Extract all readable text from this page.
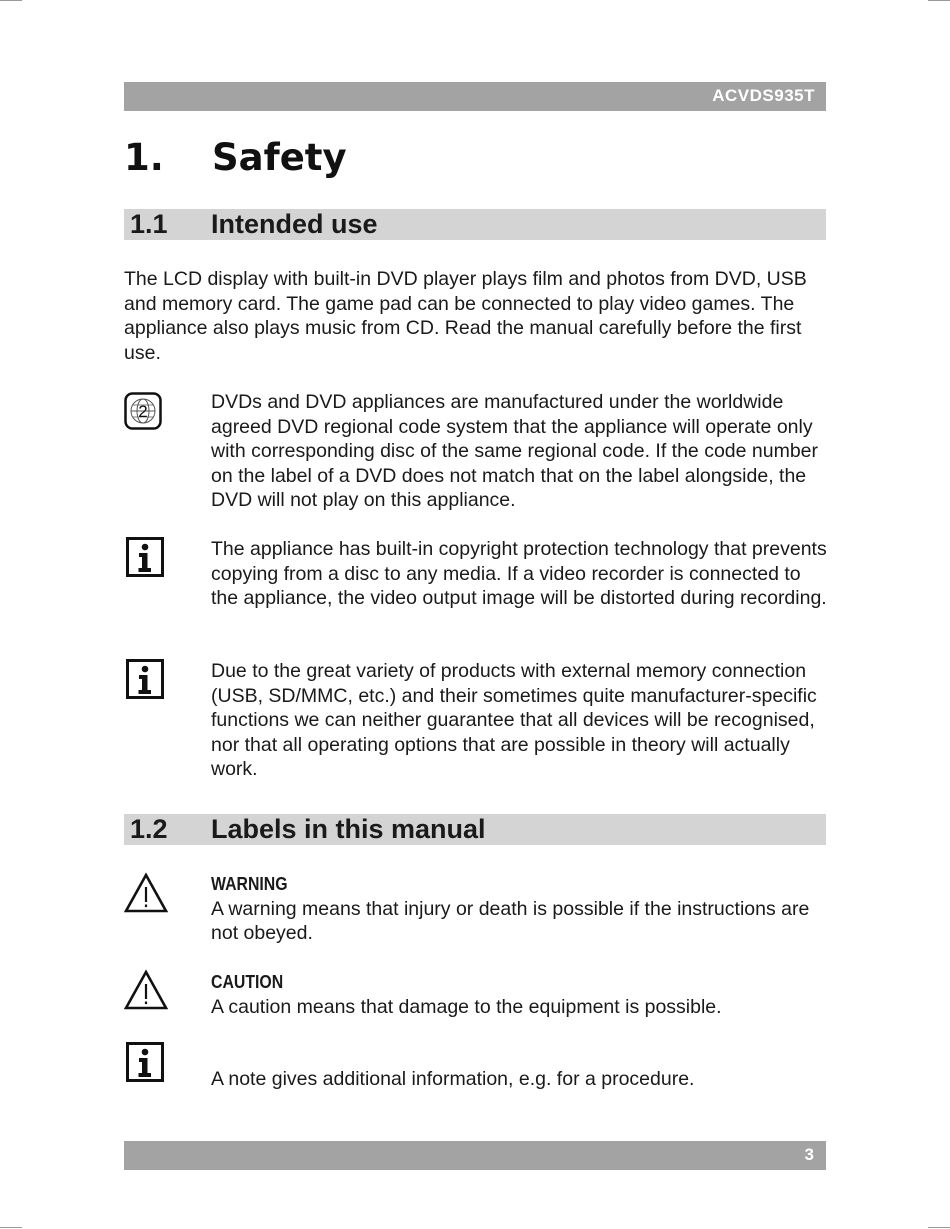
ACVDS935T
1. Safety
1.1 Intended use

The LCD display with built-in DVD player plays film and photos from DVD, USB and memory card. The game pad can be connected to play video games. The appliance also plays music from CD. Read the manual carefully before the first use.

2	DVDs and DVD appliances are manufactured under the worldwide agreed DVD regional code system that the appliance will operate only with corresponding disc of the same regional code. If the code number on the label of a DVD does not match that on the label alongside, the DVD will not play on this appliance.

The appliance has built-in copyright protection technology that prevents copying from a disc to any media. If a video recorder is connected to the appliance, the video output image will be distorted during recording.

Due to the great variety of products with external memory connection (USB, SD/MMC, etc.) and their sometimes quite manufacturer-specific functions we can neither guarantee that all devices will be recognised, nor that all operating options that are possible in theory will actually work.

1.2 Labels in this manual
WARNING
A warning means that injury or death is possible if the instructions are not obeyed.
CAUTION
A caution means that damage to the equipment is possible.

A note gives additional information, e.g. for a procedure.

3
